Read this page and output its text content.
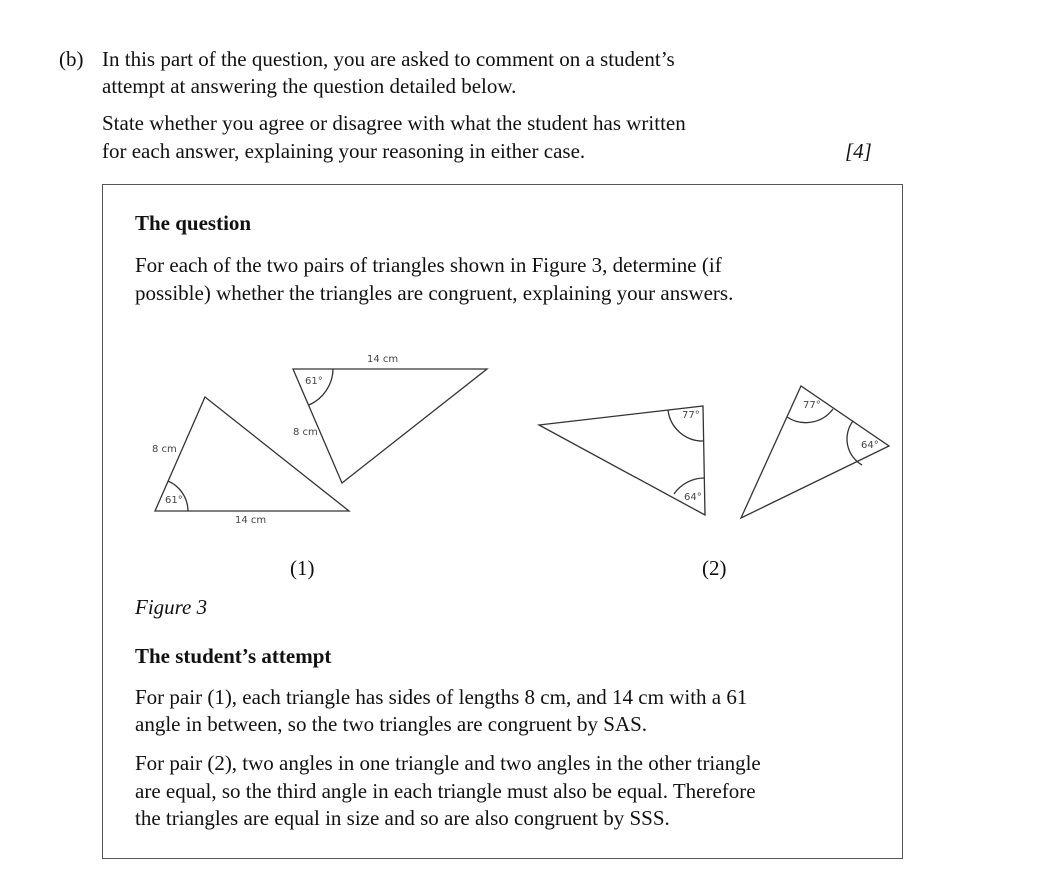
(b) In this part of the question, you are asked to comment on a student’s
attempt at answering the question detailed below.
State whether you agree or disagree with what the student has written
for each answer, explaining your reasoning in either case.	[4]
The question
For each of the two pairs of triangles shown in Figure 3, determine (if
possible) whether the triangles are congruent, explaining your answers.
8 cm
61°
14 cm
14 cm
61°
8 cm
77°
64°
77°
64°
(1)	(2)
Figure 3
The student’s attempt
For pair (1), each triangle has sides of lengths 8 cm, and 14 cm with a 61
angle in between, so the two triangles are congruent by SAS.
For pair (2), two angles in one triangle and two angles in the other triangle
are equal, so the third angle in each triangle must also be equal. Therefore
the triangles are equal in size and so are also congruent by SSS.
